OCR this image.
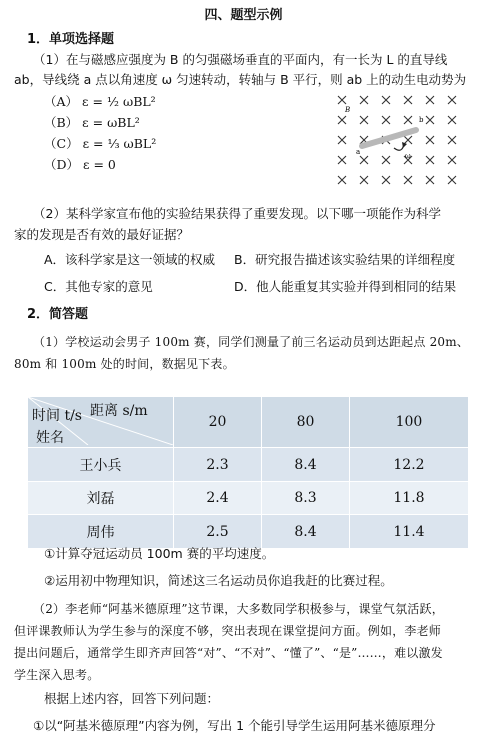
四、题型示例
1．单项选择题
（1）在与磁感应强度为 B 的匀强磁场垂直的平面内，有一长为 L 的直导线
ab，导线绕 a 点以角速度 ω 匀速转动，转轴与 B 平行，则 ab 上的动生电动势为
（A） ε = ½ ωBL²
（B） ε = ωBL²
（C） ε = ⅓ ωBL²
（D） ε = 0
a
b
B
ω
（2）某科学家宣布他的实验结果获得了重要发现。以下哪一项能作为科学
家的发现是否有效的最好证据？
A．该科学家是这一领域的权威 B．研究报告描述该实验结果的详细程度
C．其他专家的意见	D．他人能重复其实验并得到相同的结果
2．简答题
（1）学校运动会男子 100m 赛，同学们测量了前三名运动员到达距起点 20m、
80m 和 100m 处的时间，数据见下表。
距离 s/m
时间 t/s
姓名	20	80	100
王小兵	2.3	8.4	12.2
刘磊	2.4	8.3	11.8
周伟	2.5	8.4	11.4
①计算夺冠运动员 100m 赛的平均速度。
②运用初中物理知识，简述这三名运动员你追我赶的比赛过程。
（2）李老师“阿基米德原理”这节课，大多数同学积极参与，课堂气氛活跃，
但评课教师认为学生参与的深度不够，突出表现在课堂提问方面。例如，李老师
提出问题后，通常学生即齐声回答“对”、“不对”、“懂了”、“是”……，难以激发
学生深入思考。
根据上述内容，回答下列问题：
①以“阿基米德原理”内容为例，写出 1 个能引导学生运用阿基米德原理分
